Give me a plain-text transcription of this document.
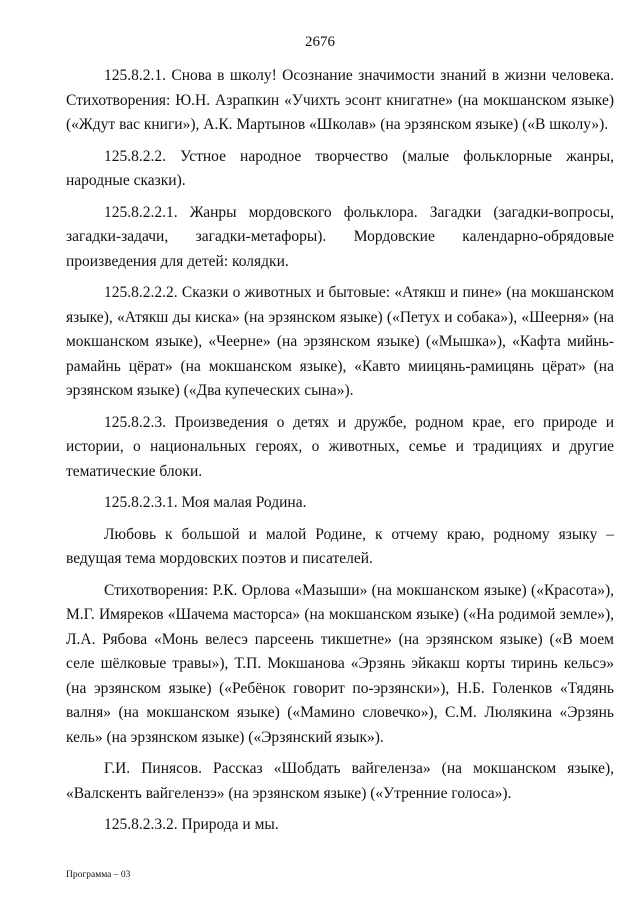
2676

125.8.2.1. Снова в школу! Осознание значимости знаний в жизни человека. Стихотворения: Ю.Н. Азрапкин «Учихть эсонт книгатне» (на мокшанском языке) («Ждут вас книги»), А.К. Мартынов «Школав» (на эрзянском языке) («В школу»).

125.8.2.2. Устное народное творчество (малые фольклорные жанры, народные сказки).

125.8.2.2.1. Жанры мордовского фольклора. Загадки (загадки-вопросы, загадки-задачи, загадки-метафоры). Мордовские календарно-обрядовые произведения для детей: колядки.

125.8.2.2.2. Сказки о животных и бытовые: «Атякш и пине» (на мокшанском языке), «Атякш ды киска» (на эрзянском языке) («Петух и собака»), «Шеерня» (на мокшанском языке), «Чеерне» (на эрзянском языке) («Мышка»), «Кафта мийнь-рамайнь цёрат» (на мокшанском языке), «Кавто миицянь-рамицянь цёрат» (на эрзянском языке) («Два купеческих сына»).

125.8.2.3. Произведения о детях и дружбе, родном крае, его природе и истории, о национальных героях, о животных, семье и традициях и другие тематические блоки.

125.8.2.3.1. Моя малая Родина.

Любовь к большой и малой Родине, к отчему краю, родному языку – ведущая тема мордовских поэтов и писателей.

Стихотворения: Р.К. Орлова «Мазыши» (на мокшанском языке) («Красота»), М.Г. Имяреков «Шачема масторса» (на мокшанском языке) («На родимой земле»), Л.А. Рябова «Монь велесэ парсеень тикшетне» (на эрзянском языке) («В моем селе шёлковые травы»), Т.П. Мокшанова «Эрзянь эйкакш корты тиринь кельсэ» (на эрзянском языке) («Ребёнок говорит по-эрзянски»), Н.Б. Голенков «Тядянь валня» (на мокшанском языке) («Мамино словечко»), С.М. Люлякина «Эрзянь кель» (на эрзянском языке) («Эрзянский язык»).

Г.И. Пинясов. Рассказ «Шобдать вайгеленза» (на мокшанском языке), «Валскенть вайгелензэ» (на эрзянском языке) («Утренние голоса»).

125.8.2.3.2. Природа и мы.

Программа – 03
